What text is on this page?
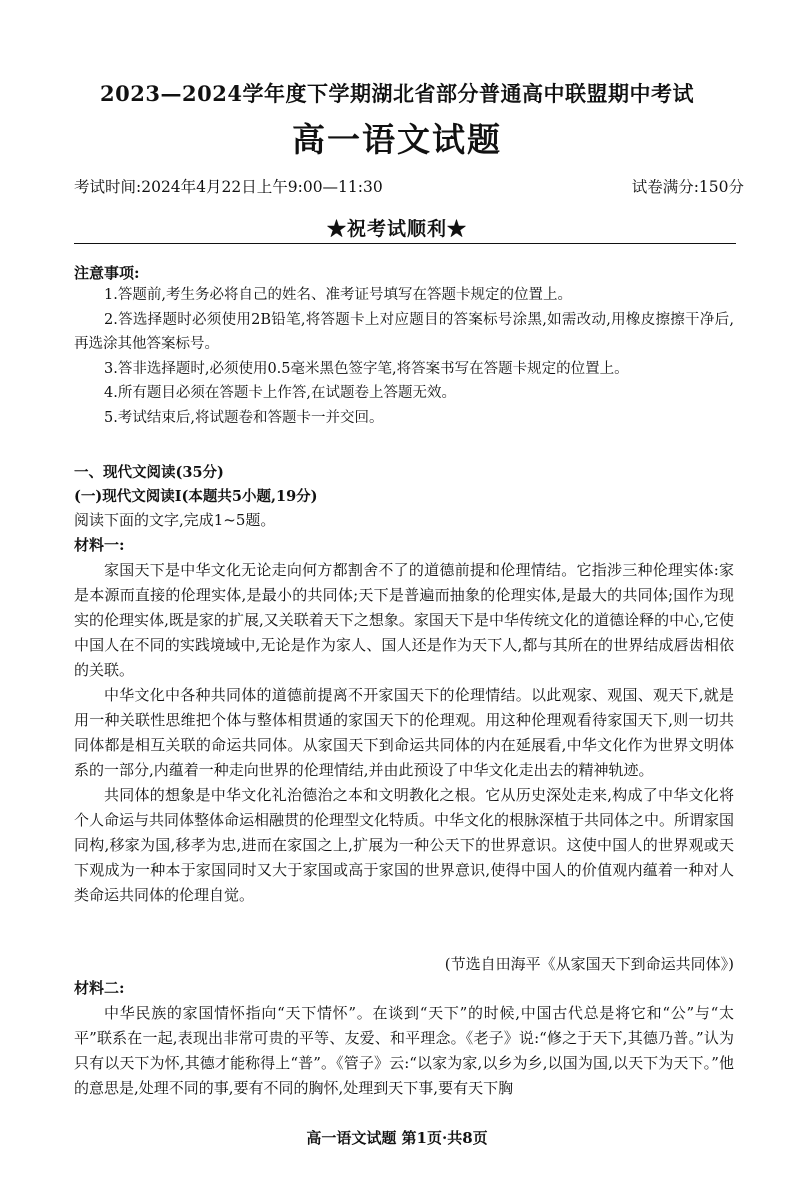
2023—2024学年度下学期湖北省部分普通高中联盟期中考试
高一语文试题
考试时间:2024年4月22日上午9:00—11:30	试卷满分:150分
★祝考试顺利★
注意事项:

1.答题前,考生务必将自己的姓名、准考证号填写在答题卡规定的位置上。

2.答选择题时必须使用2B铅笔,将答题卡上对应题目的答案标号涂黑,如需改动,用橡皮擦擦干净后,再选涂其他答案标号。

3.答非选择题时,必须使用0.5毫米黑色签字笔,将答案书写在答题卡规定的位置上。

4.所有题目必须在答题卡上作答,在试题卷上答题无效。

5.考试结束后,将试题卷和答题卡一并交回。

一、现代文阅读(35分)
(一)现代文阅读Ⅰ(本题共5小题,19分)
阅读下面的文字,完成1~5题。
材料一:

家国天下是中华文化无论走向何方都割舍不了的道德前提和伦理情结。它指涉三种伦理实体:家是本源而直接的伦理实体,是最小的共同体;天下是普遍而抽象的伦理实体,是最大的共同体;国作为现实的伦理实体,既是家的扩展,又关联着天下之想象。家国天下是中华传统文化的道德诠释的中心,它使中国人在不同的实践境域中,无论是作为家人、国人还是作为天下人,都与其所在的世界结成唇齿相依的关联。

中华文化中各种共同体的道德前提离不开家国天下的伦理情结。以此观家、观国、观天下,就是用一种关联性思维把个体与整体相贯通的家国天下的伦理观。用这种伦理观看待家国天下,则一切共同体都是相互关联的命运共同体。从家国天下到命运共同体的内在延展看,中华文化作为世界文明体系的一部分,内蕴着一种走向世界的伦理情结,并由此预设了中华文化走出去的精神轨迹。

共同体的想象是中华文化礼治德治之本和文明教化之根。它从历史深处走来,构成了中华文化将个人命运与共同体整体命运相融贯的伦理型文化特质。中华文化的根脉深植于共同体之中。所谓家国同构,移家为国,移孝为忠,进而在家国之上,扩展为一种公天下的世界意识。这使中国人的世界观或天下观成为一种本于家国同时又大于家国或高于家国的世界意识,使得中国人的价值观内蕴着一种对人类命运共同体的伦理自觉。

(节选自田海平《从家国天下到命运共同体》)
材料二:

中华民族的家国情怀指向“天下情怀”。在谈到“天下”的时候,中国古代总是将它和“公”与“太平”联系在一起,表现出非常可贵的平等、友爱、和平理念。《老子》说:“修之于天下,其德乃普。”认为只有以天下为怀,其德才能称得上“普”。《管子》云:“以家为家,以乡为乡,以国为国,以天下为天下。”他的意思是,处理不同的事,要有不同的胸怀,处理到天下事,要有天下胸

高一语文试题 第1页·共8页
